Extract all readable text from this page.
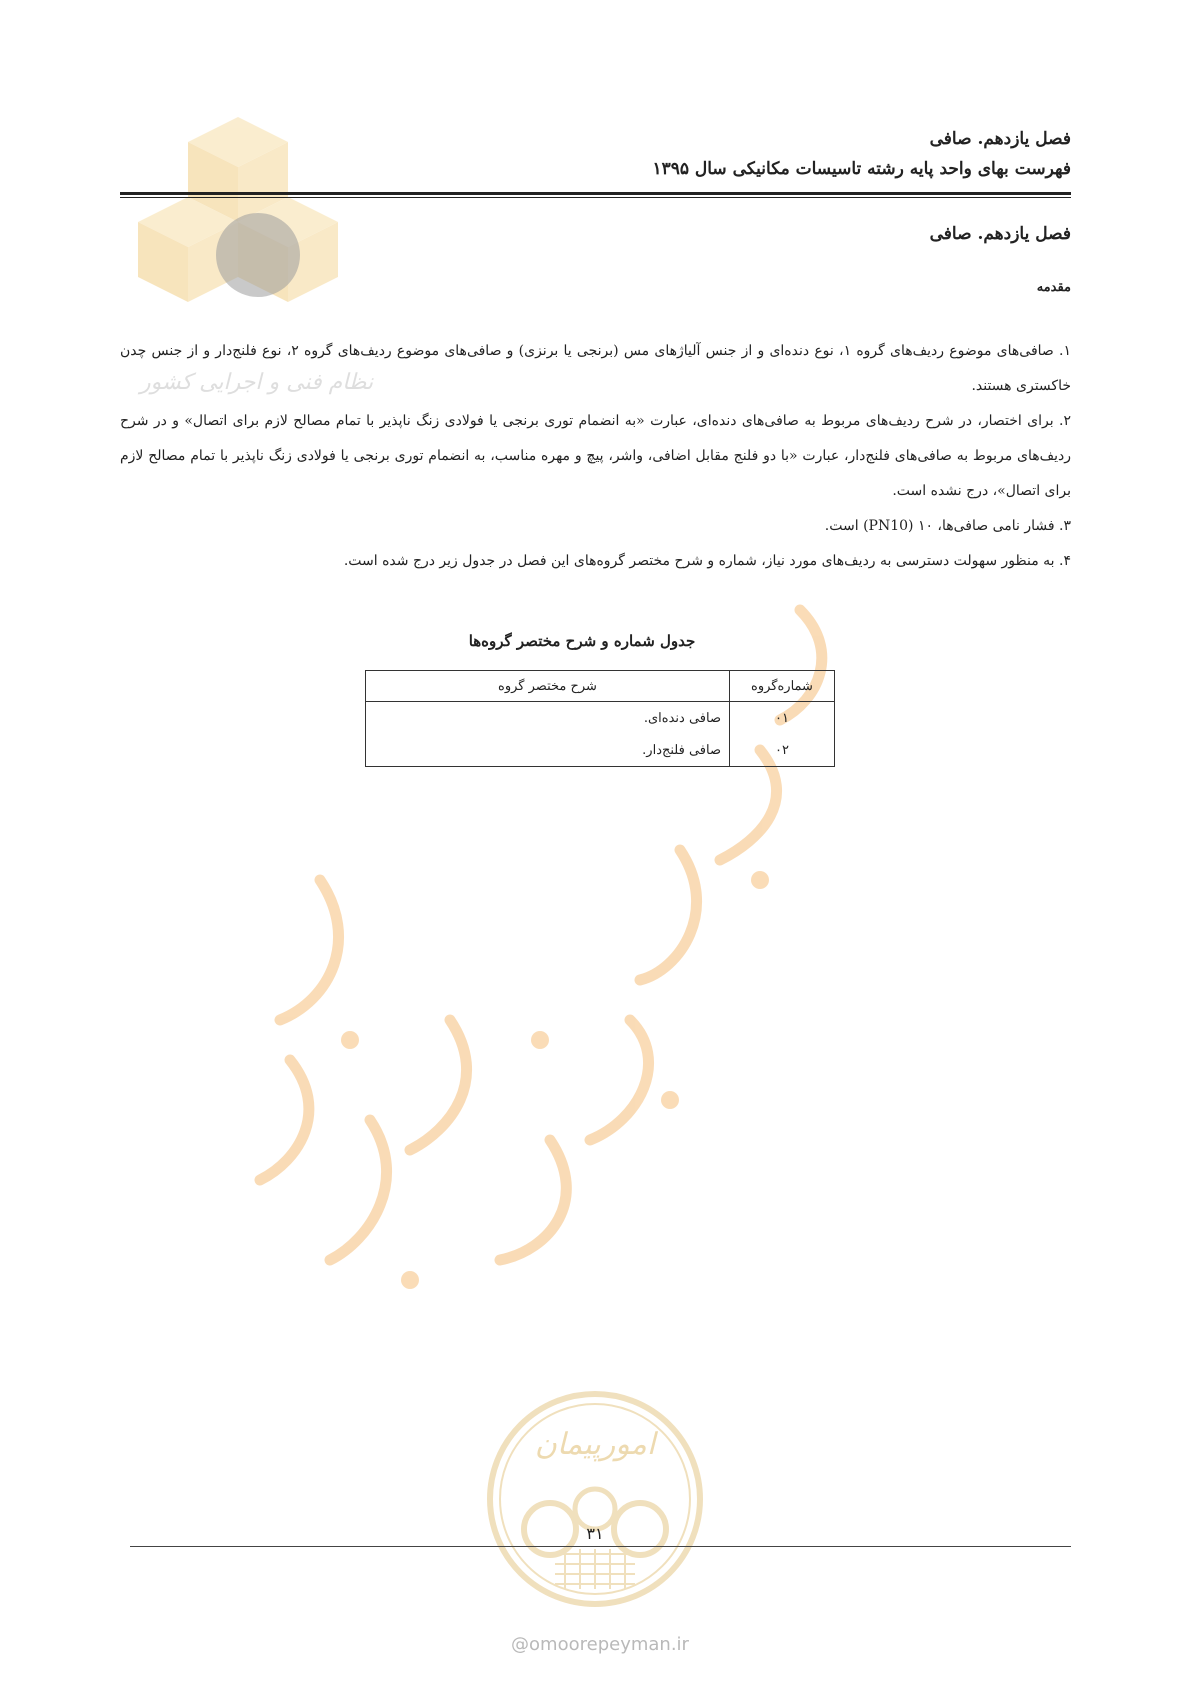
نظام فنی و اجرایی کشور
فصل یازدهم. صافی
فهرست بهای واحد پایه رشته تاسیسات مکانیکی سال ۱۳۹۵
فصل یازدهم. صافی
مقدمه

۱. صافی‌های موضوع ردیف‌های گروه ۱، نوع دنده‌ای و از جنس آلیاژهای مس (برنجی یا برنزی) و صافی‌های موضوع ردیف‌های گروه ۲، نوع فلنج‌دار و از جنس چدن خاکستری هستند.

۲. برای اختصار، در شرح ردیف‌های مربوط به صافی‌های دنده‌ای، عبارت «به انضمام توری برنجی یا فولادی زنگ ناپذیر با تمام مصالح لازم برای اتصال» و در شرح ردیف‌های مربوط به صافی‌های فلنج‌دار، عبارت «با دو فلنج مقابل اضافی، واشر، پیچ و مهره مناسب، به انضمام توری برنجی یا فولادی زنگ ناپذیر با تمام مصالح لازم برای اتصال»، درج نشده است.

۳. فشار نامی صافی‌ها، ۱۰ (PN10) است.

۴. به منظور سهولت دسترسی به ردیف‌های مورد نیاز، شماره و شرح مختصر گروه‌های این فصل در جدول زیر درج شده است.

جدول شماره و شرح مختصر گروه‌ها
شماره‌گروه	شرح مختصر گروه
۰۱	صافی دنده‌ای.
۰۲	صافی فلنج‌دار.
امورپیمان
۳۱
@omoorepeyman.ir
